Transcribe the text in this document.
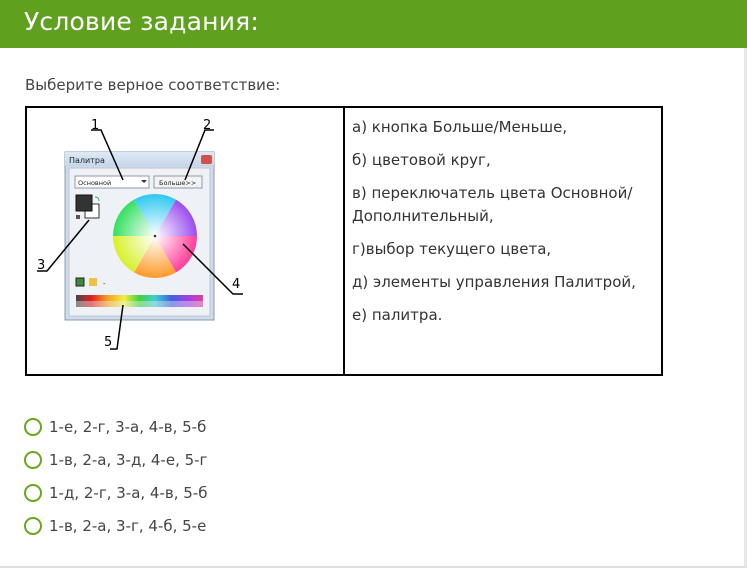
Условие задания:
Выберите верное соответствие:
Палитра
Основной	Больше>>
-
1	2
3
4
5
а) кнопка Больше/Меньше,
б) цветовой круг,
в) переключатель цвета Основной/Дополнительный,
г)выбор текущего цвета,
д) элементы управления Палитрой,
е) палитра.
1-е, 2-г, 3-а, 4-в, 5-б
1-в, 2-а, 3-д, 4-е, 5-г
1-д, 2-г, 3-а, 4-в, 5-б
1-в, 2-а, 3-г, 4-б, 5-е
